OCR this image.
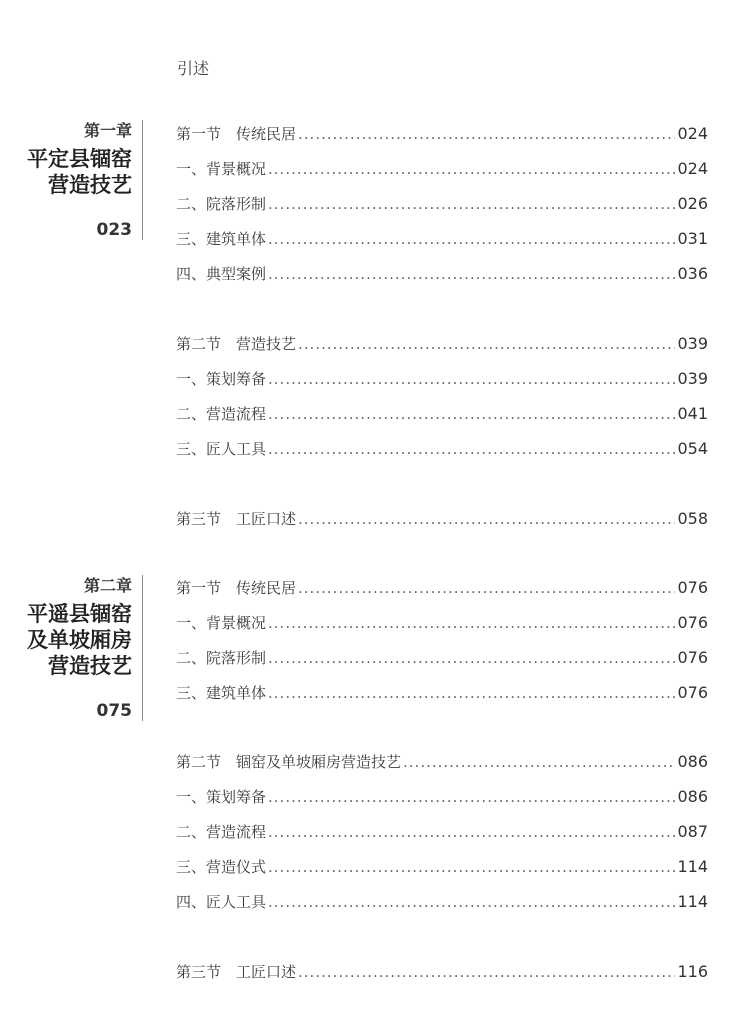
引述
第一章
平定县锢窑
营造技艺
023
第一节　传统民居 .....	024
一、背景概况 .....	024
二、院落形制 .....	026
三、建筑单体 .....	031
四、典型案例 .....	036
第二节　营造技艺 .....	039
一、策划筹备 .....	039
二、营造流程 .....	041
三、匠人工具 .....	054
第三节　工匠口述 .....	058
第二章
平遥县锢窑
及单坡厢房
营造技艺
075
第一节　传统民居 .....	076
一、背景概况 .....	076
二、院落形制 .....	076
三、建筑单体 .....	076
第二节　锢窑及单坡厢房营造技艺 .....	086
一、策划筹备 .....	086
二、营造流程 .....	087
三、营造仪式 .....	114
四、匠人工具 .....	114
第三节　工匠口述 .....	116
